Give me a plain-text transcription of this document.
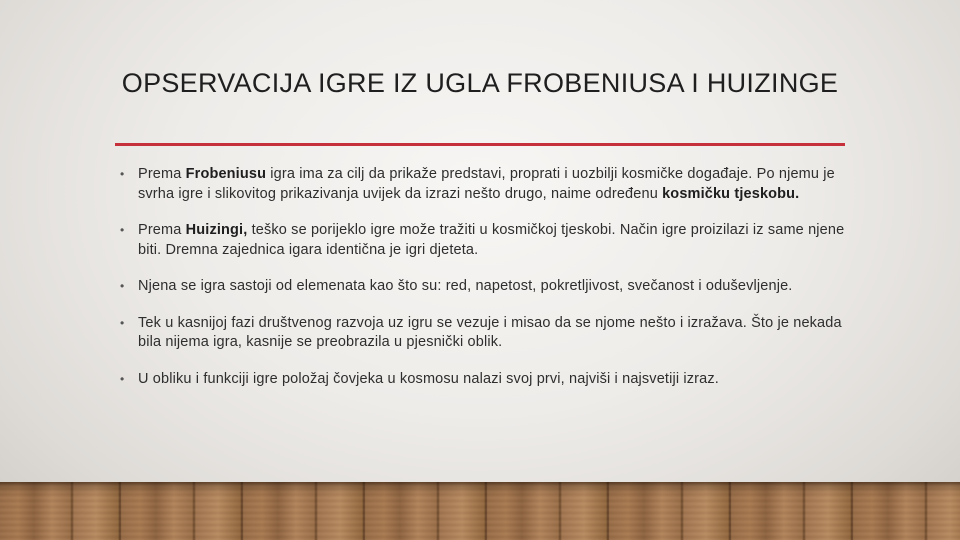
OPSERVACIJA IGRE IZ UGLA FROBENIUSA I HUIZINGE
• Prema Frobeniusu igra ima za cilj da prikaže predstavi, proprati i uozbilji kosmičke događaje. Po njemu je svrha igre i slikovitog prikazivanja uvijek da izrazi nešto drugo, naime određenu kosmičku tjeskobu.
• Prema Huizingi, teško se porijeklo igre može tražiti u kosmičkoj tjeskobi. Način igre proizilazi iz same njene biti. Dremna zajednica igara identična je igri djeteta.
• Njena se igra sastoji od elemenata kao što su: red, napetost, pokretljivost, svečanost i oduševljenje.
• Tek u kasnijoj fazi društvenog razvoja uz igru se vezuje i misao da se njome nešto i izražava. Što je nekada bila nijema igra, kasnije se preobrazila u pjesnički oblik.
• U obliku i funkciji igre položaj čovjeka u kosmosu nalazi svoj prvi, najviši i najsvetiji izraz.
